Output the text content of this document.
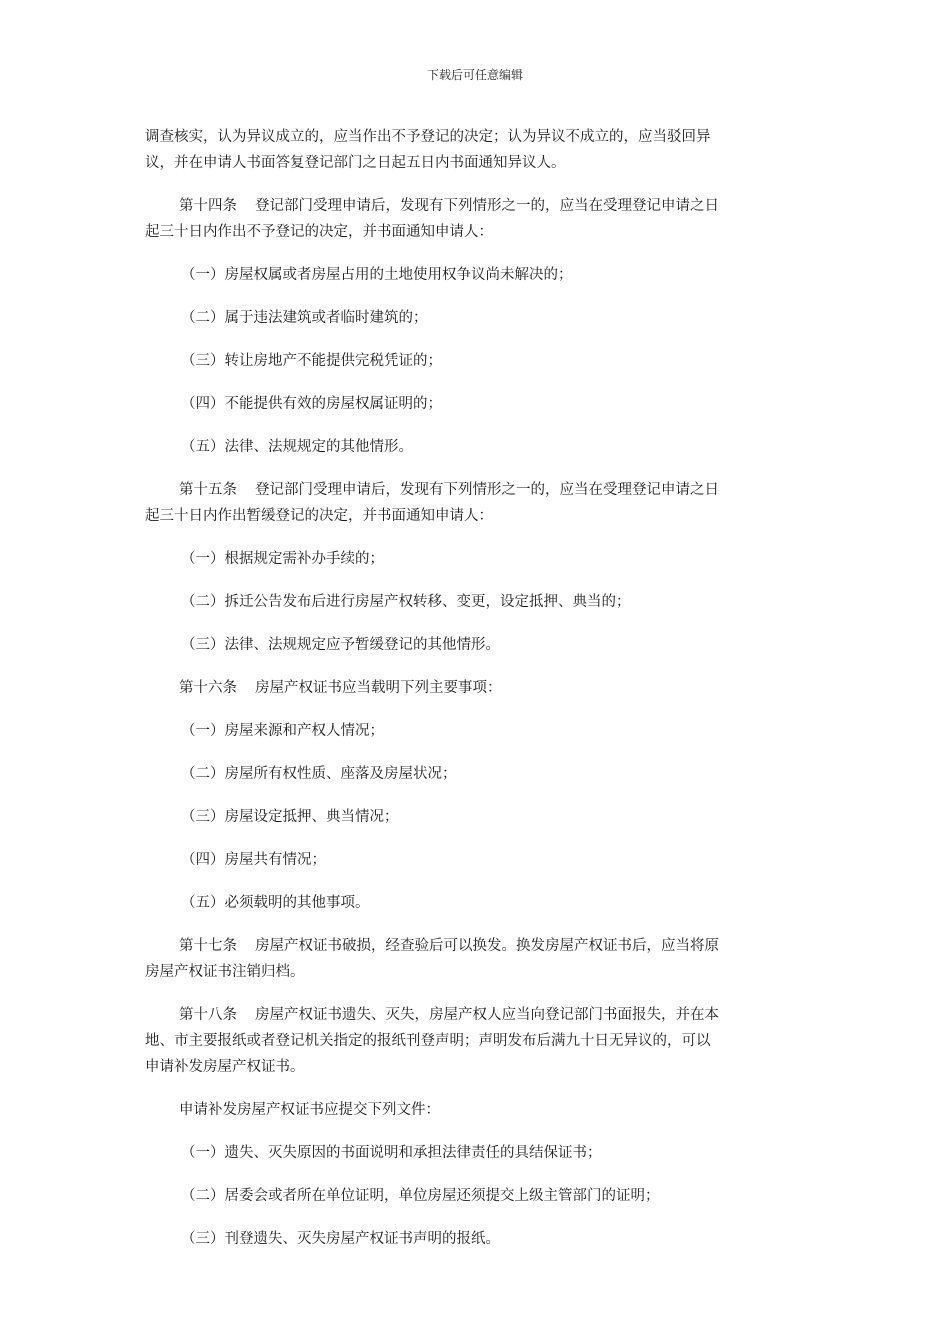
下载后可任意编辑
调查核实，认为异议成立的，应当作出不予登记的决定；认为异议不成立的，应当驳回异
议，并在申请人书面答复登记部门之日起五日内书面通知异议人。
第十四条 登记部门受理申请后，发现有下列情形之一的，应当在受理登记申请之日
起三十日内作出不予登记的决定，并书面通知申请人：
（一）房屋权属或者房屋占用的土地使用权争议尚未解决的；
（二）属于违法建筑或者临时建筑的；
（三）转让房地产不能提供完税凭证的；
（四）不能提供有效的房屋权属证明的；
（五）法律、法规规定的其他情形。
第十五条 登记部门受理申请后，发现有下列情形之一的，应当在受理登记申请之日
起三十日内作出暂缓登记的决定，并书面通知申请人：
（一）根据规定需补办手续的；
（二）拆迁公告发布后进行房屋产权转移、变更，设定抵押、典当的；
（三）法律、法规规定应予暂缓登记的其他情形。
第十六条 房屋产权证书应当载明下列主要事项：
（一）房屋来源和产权人情况；
（二）房屋所有权性质、座落及房屋状况；
（三）房屋设定抵押、典当情况；
（四）房屋共有情况；
（五）必须载明的其他事项。
第十七条 房屋产权证书破损，经查验后可以换发。换发房屋产权证书后，应当将原
房屋产权证书注销归档。
第十八条 房屋产权证书遗失、灭失，房屋产权人应当向登记部门书面报失，并在本
地、市主要报纸或者登记机关指定的报纸刊登声明；声明发布后满九十日无异议的，可以
申请补发房屋产权证书。
申请补发房屋产权证书应提交下列文件：
（一）遗失、灭失原因的书面说明和承担法律责任的具结保证书；
（二）居委会或者所在单位证明，单位房屋还须提交上级主管部门的证明；
（三）刊登遗失、灭失房屋产权证书声明的报纸。
